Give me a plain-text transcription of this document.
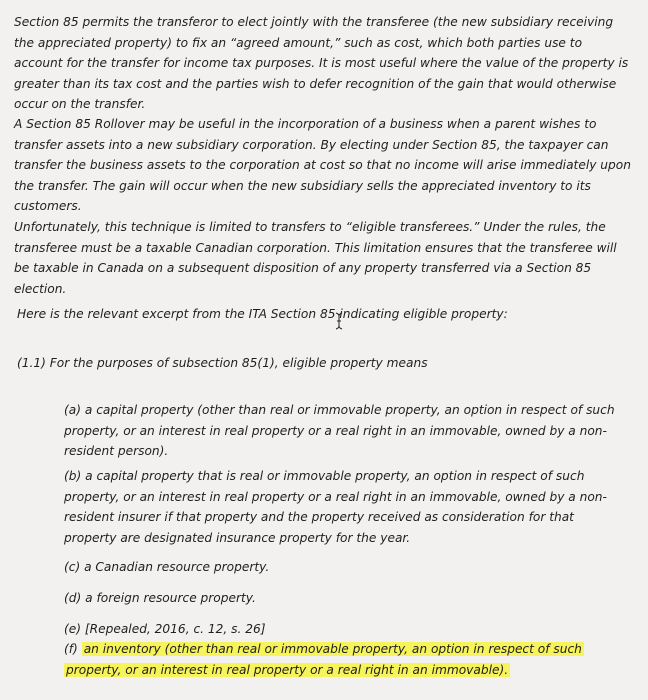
Section 85 permits the transferor to elect jointly with the transferee (the new subsidiary receiving the appreciated property) to fix an “agreed amount,” such as cost, which both parties use to account for the transfer for income tax purposes. It is most useful where the value of the property is greater than its tax cost and the parties wish to defer recognition of the gain that would otherwise occur on the transfer.

A Section 85 Rollover may be useful in the incorporation of a business when a parent wishes to transfer assets into a new subsidiary corporation. By electing under Section 85, the taxpayer can transfer the business assets to the corporation at cost so that no income will arise immediately upon the transfer. The gain will occur when the new subsidiary sells the appreciated inventory to its customers.

Unfortunately, this technique is limited to transfers to “eligible transferees.” Under the rules, the transferee must be a taxable Canadian corporation. This limitation ensures that the transferee will be taxable in Canada on a subsequent disposition of any property transferred via a Section 85 election.

Here is the relevant excerpt from the ITA Section 85 indicating eligible property:

(1.1) For the purposes of subsection 85(1), eligible property means

(a) a capital property (other than real or immovable property, an option in respect of such property, or an interest in real property or a real right in an immovable, owned by a non-resident person).

(b) a capital property that is real or immovable property, an option in respect of such property, or an interest in real property or a real right in an immovable, owned by a non-resident insurer if that property and the property received as consideration for that property are designated insurance property for the year.

(c) a Canadian resource property.

(d) a foreign resource property.

(e) [Repealed, 2016, c. 12, s. 26]

(f) an inventory (other than real or immovable property, an option in respect of such property, or an interest in real property or a real right in an immovable).
